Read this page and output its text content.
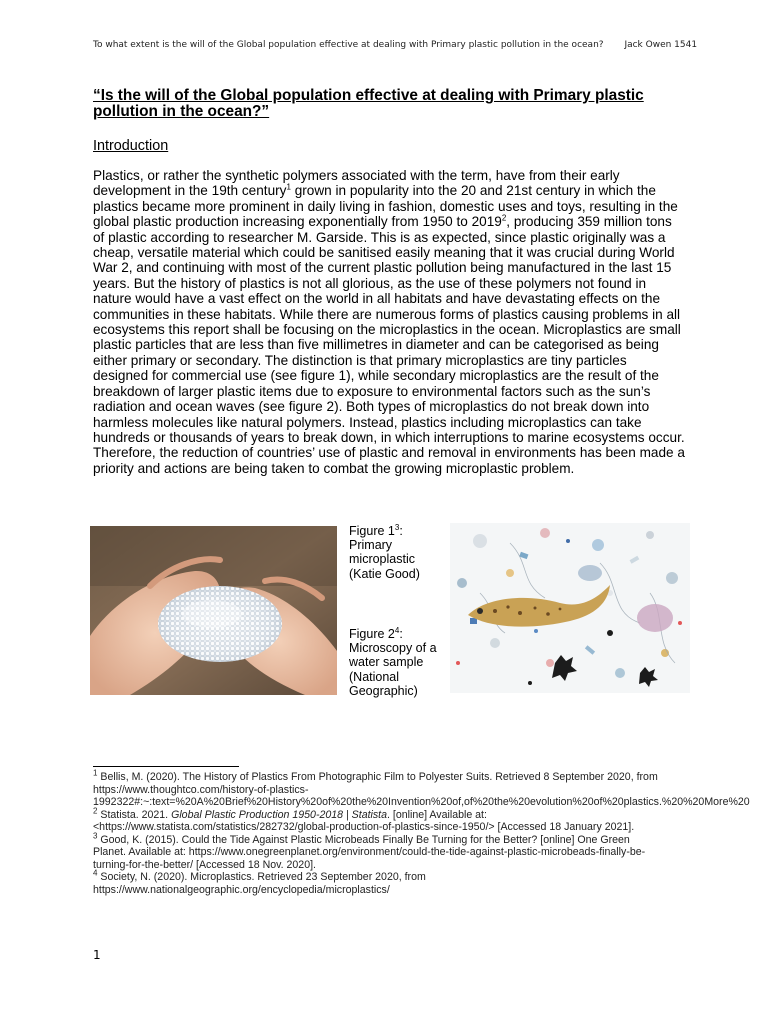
To what extent is the will of the Global population effective at dealing with Primary plastic pollution in the ocean? Jack Owen 1541
“Is the will of the Global population effective at dealing with Primary plastic pollution in the ocean?”
Introduction
Plastics, or rather the synthetic polymers associated with the term, have from their early development in the 19th century$^1$ grown in popularity into the 20 and 21st century in which the plastics became more prominent in daily living in fashion, domestic uses and toys, resulting in the global plastic production increasing exponentially from 1950 to 2019$^2$, producing 359 million tons of plastic according to researcher M. Garside. This is as expected, since plastic originally was a cheap, versatile material which could be sanitised easily meaning that it was crucial during World War 2, and continuing with most of the current plastic pollution being manufactured in the last 15 years. But the history of plastics is not all glorious, as the use of these polymers not found in nature would have a vast effect on the world in all habitats and have devastating effects on the communities in these habitats. While there are numerous forms of plastics causing problems in all ecosystems this report shall be focusing on the microplastics in the ocean. Microplastics are small plastic particles that are less than five millimetres in diameter and can be categorised as being either primary or secondary. The distinction is that primary microplastics are tiny particles designed for commercial use (see figure 1), while secondary microplastics are the result of the breakdown of larger plastic items due to exposure to environmental factors such as the sun’s radiation and ocean waves (see figure 2). Both types of microplastics do not break down into harmless molecules like natural polymers. Instead, plastics including microplastics can take hundreds or thousands of years to break down, in which interruptions to marine ecosystems occur. Therefore, the reduction of countries’ use of plastic and removal in environments has been made a priority and actions are being taken to combat the growing microplastic problem.
Figure $1^3$: Primary microplastic (Katie Good)
Figure $2^4$: Microscopy of a water sample (National Geographic)

$^1$ Bellis, M. (2020). The History of Plastics From Photographic Film to Polyester Suits. Retrieved 8 September 2020, from https://www.thoughtco.com/history-of-plastics-1992322#:~:text=%20A%20Brief%20History%20of%20the%20Invention%20of,of%20the%20evolution%20of%20plastics.%20%20More%20

$^2$ Statista. 2021. Global Plastic Production 1950-2018 | Statista. [online] Available at: <https://www.statista.com/statistics/282732/global-production-of-plastics-since-1950/> [Accessed 18 January 2021].

$^3$ Good, K. (2015). Could the Tide Against Plastic Microbeads Finally Be Turning for the Better? [online] One Green Planet. Available at: https://www.onegreenplanet.org/environment/could-the-tide-against-plastic-microbeads-finally-be-turning-for-the-better/ [Accessed 18 Nov. 2020].

$^4$ Society, N. (2020). Microplastics. Retrieved 23 September 2020, from https://www.nationalgeographic.org/encyclopedia/microplastics/

1
